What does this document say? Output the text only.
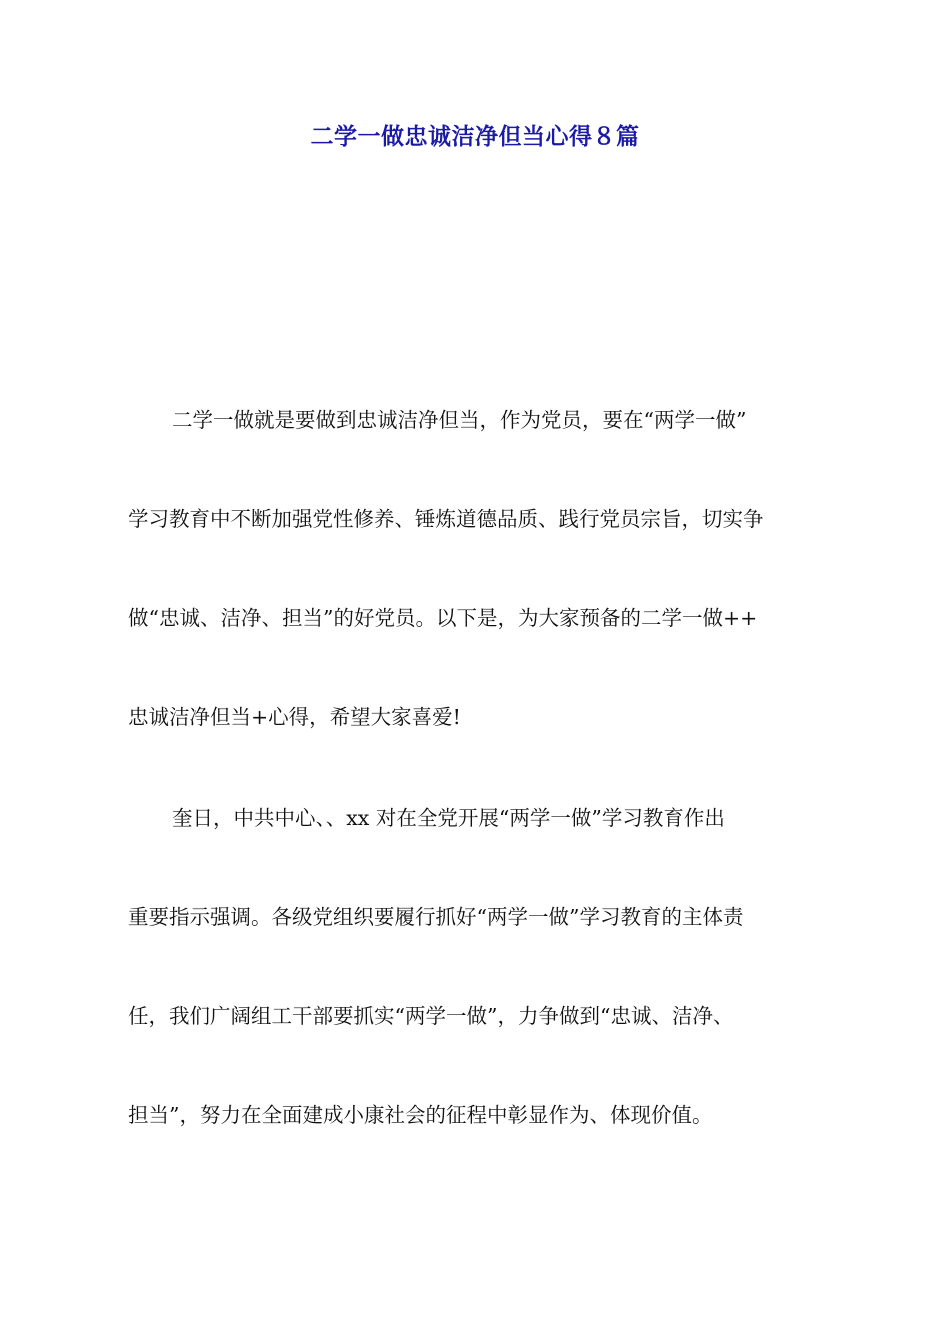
二学一做忠诚洁净但当心得８篇
二学一做就是要做到忠诚洁净但当，作为党员，要在“两学一做”
学习教育中不断加强党性修养、锤炼道德品质、践行党员宗旨，切实争
做“忠诚、洁净、担当”的好党员。以下是，为大家预备的二学一做++
忠诚洁净但当+心得，希望大家喜爱!
奎日，中共中心、、xx 对在全党开展“两学一做”学习教育作出
重要指示强调。各级党组织要履行抓好“两学一做”学习教育的主体责
任，我们广阔组工干部要抓实“两学一做”，力争做到“忠诚、洁净、
担当”，努力在全面建成小康社会的征程中彰显作为、体现价值。
